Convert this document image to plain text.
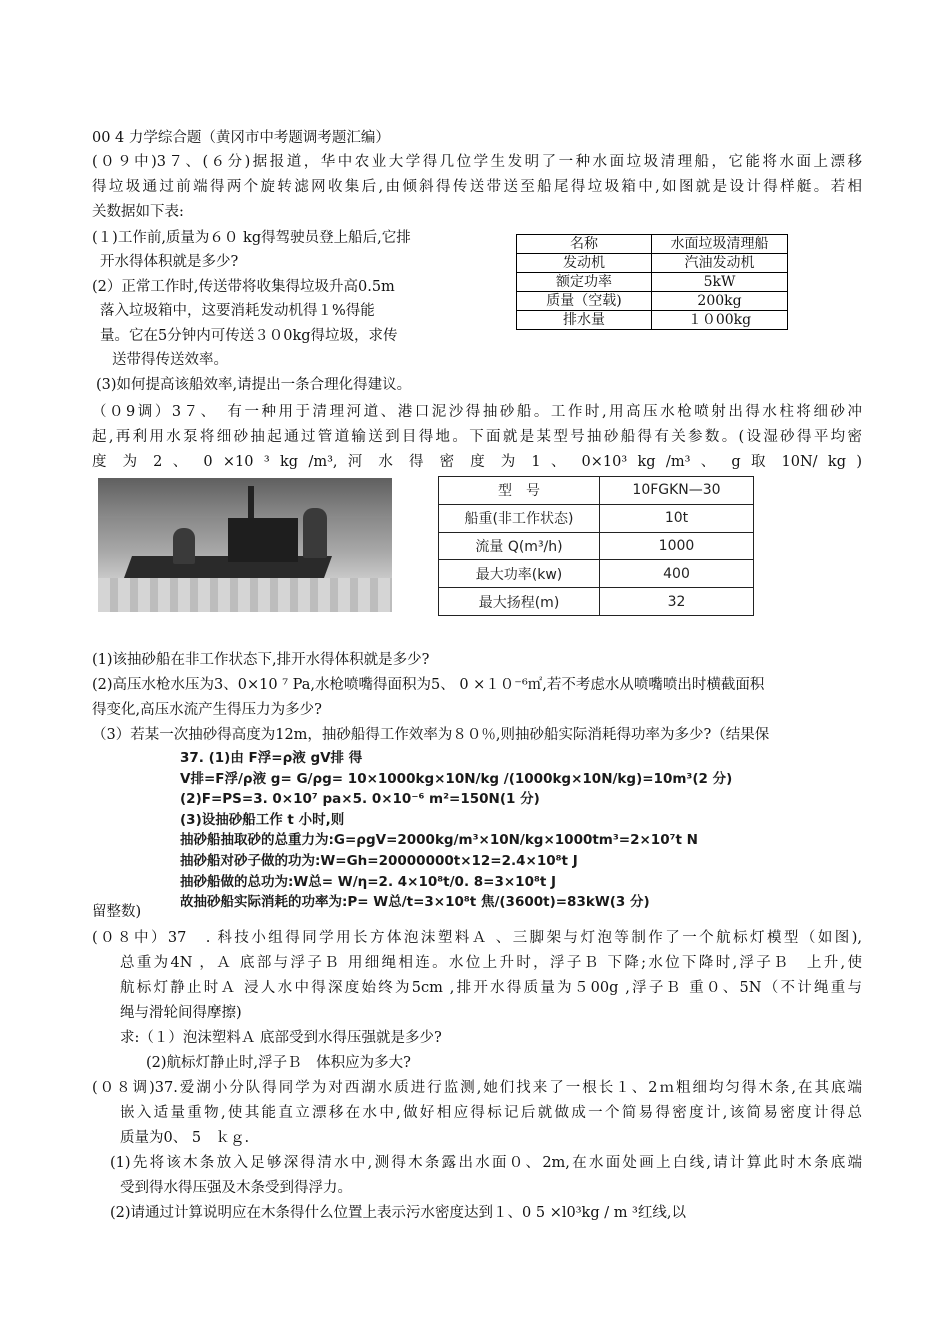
00 4 力学综合题（黄冈市中考题调考题汇编）
(０９中)3７、(６分)据报道，华中农业大学得几位学生发明了一种水面垃圾清理船，它能将水面上漂移
得垃圾通过前端得两个旋转滤网收集后,由倾斜得传送带送至船尾得垃圾箱中,如图就是设计得样艇。若相
关数据如下表:
(１)工作前,质量为６０ kg得驾驶员登上船后,它排
开水得体积就是多少?
(2）正常工作时,传送带将收集得垃圾升高0.5m
落入垃圾箱中，这要消耗发动机得１%得能
量。它在5分钟内可传送３０0kg得垃圾，求传
送带得传送效率。
(3)如何提高该船效率,请提出一条合理化得建议。
名称	水面垃圾清理船
发动机	汽油发动机
额定功率	5kW
质量（空载)	200kg
排水量	１０00kg
（０9调）3７、　有一种用于清理河道、港口泥沙得抽砂船。工作时,用高压水枪喷射出得水柱将细砂冲
起,再利用水泵将细砂抽起通过管道输送到目得地。下面就是某型号抽砂船得有关参数。(设湿砂得平均密
度 为 2 、 0 ×10 ³ kg /m³, 河 水 得 密 度 为 1 、 0×10³ kg /m³ 、 g 取 10N/ kg )
型　号	10FGKN—30
船重(非工作状态)	10t
流量 Q(m³/h)	1000
最大功率(kw)	400
最大扬程(m)	32
(1)该抽砂船在非工作状态下,排开水得体积就是多少?
(2)高压水枪水压为3、0×10 ⁷ Pa,水枪喷嘴得面积为5、 0 ×１０⁻⁶㎡,若不考虑水从喷嘴喷出时横截面积
得变化,高压水流产生得压力为多少?
（3）若某一次抽砂得高度为12m，抽砂船得工作效率为８０％,则抽砂船实际消耗得功率为多少?（结果保
37. (1)由 F浮=ρ液 gV排 得
V排=F浮/ρ液 g= G/ρg= 10×1000kg×10N/kg /(1000kg×10N/kg)=10m³(2 分)
(2)F=PS=3. 0×10⁷ pa×5. 0×10⁻⁶ m²=150N(1 分)
(3)设抽砂船工作 t 小时,则
抽砂船抽取砂的总重力为:G=ρgV=2000kg/m³×10N/kg×1000tm³=2×10⁷t N
抽砂船对砂子做的功为:W=Gh=20000000t×12=2.4×10⁸t J
抽砂船做的总功为:W总= W/η=2. 4×10⁸t/0. 8=3×10⁸t J
故抽砂船实际消耗的功率为:P= W总/t=3×10⁸t 焦/(3600t)=83kW(3 分)
留整数)
(０８中）37　. 科技小组得同学用长方体泡沫塑料Ａ 、三脚架与灯泡等制作了一个航标灯模型（如图),
总重为4N ，Ａ 底部与浮子Ｂ 用细绳相连。水位上升时，浮子Ｂ 下降;水位下降时,浮子Ｂ　上升,使
航标灯静止时Ａ 浸人水中得深度始终为5cm ,排开水得质量为５00g ,浮子Ｂ 重０、5N（不计绳重与
绳与滑轮间得摩擦)
求:（１）泡沫塑料Ａ 底部受到水得压强就是多少?
(2)航标灯静止时,浮子Ｂ　体积应为多大?
(０８调)37.爱湖小分队得同学为对西湖水质进行监测,她们找来了一根长１、2ｍ粗细均匀得木条,在其底端
嵌入适量重物,使其能直立漂移在水中,做好相应得标记后就做成一个简易得密度计,该简易密度计得总
质量为0、 5　ｋｇ.
(1)先将该木条放入足够深得清水中,测得木条露出水面０、2m,在水面处画上白线,请计算此时木条底端
受到得水得压强及木条受到得浮力。
(2)请通过计算说明应在木条得什么位置上表示污水密度达到１、0 5 ×l0³kg / m ³红线,以
